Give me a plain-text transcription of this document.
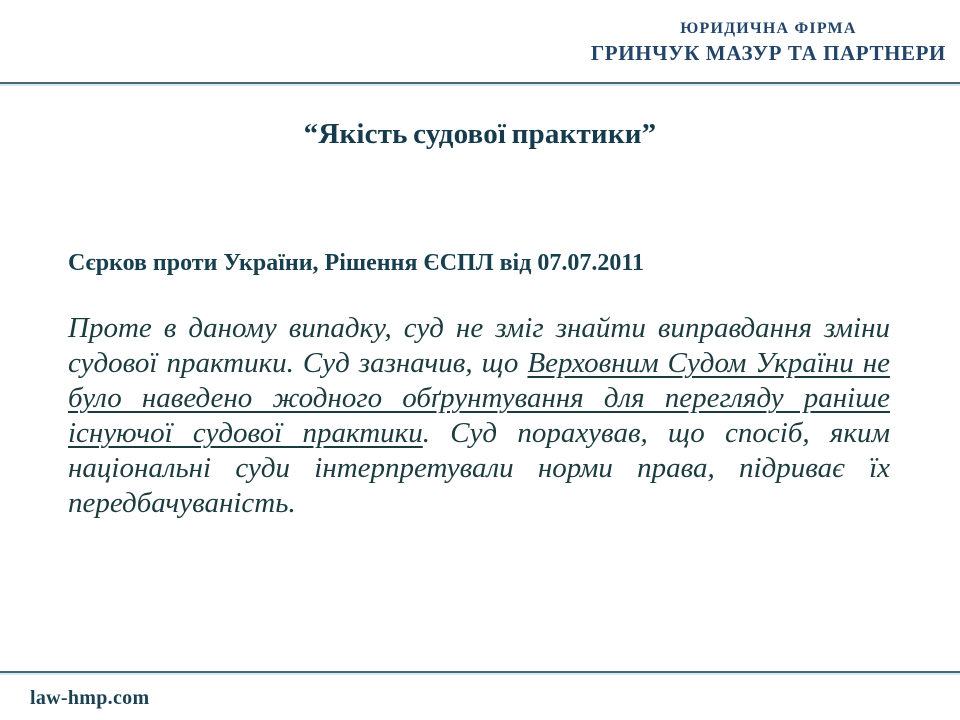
ЮРИДИЧНА ФІРМА
ГРИНЧУК МАЗУР ТА ПАРТНЕРИ
“Якість судової практики”
Сєрков проти України, Рішення ЄСПЛ від 07.07.2011
Проте в даному випадку, суд не зміг знайти виправдання зміни судової практики. Суд зазначив, що Верховним Судом України не було наведено жодного обґрунтування для перегляду раніше існуючої судової практики. Суд порахував, що спосіб, яким національні суди інтерпретували норми права, підриває їх передбачуваність.
law-hmp.com
